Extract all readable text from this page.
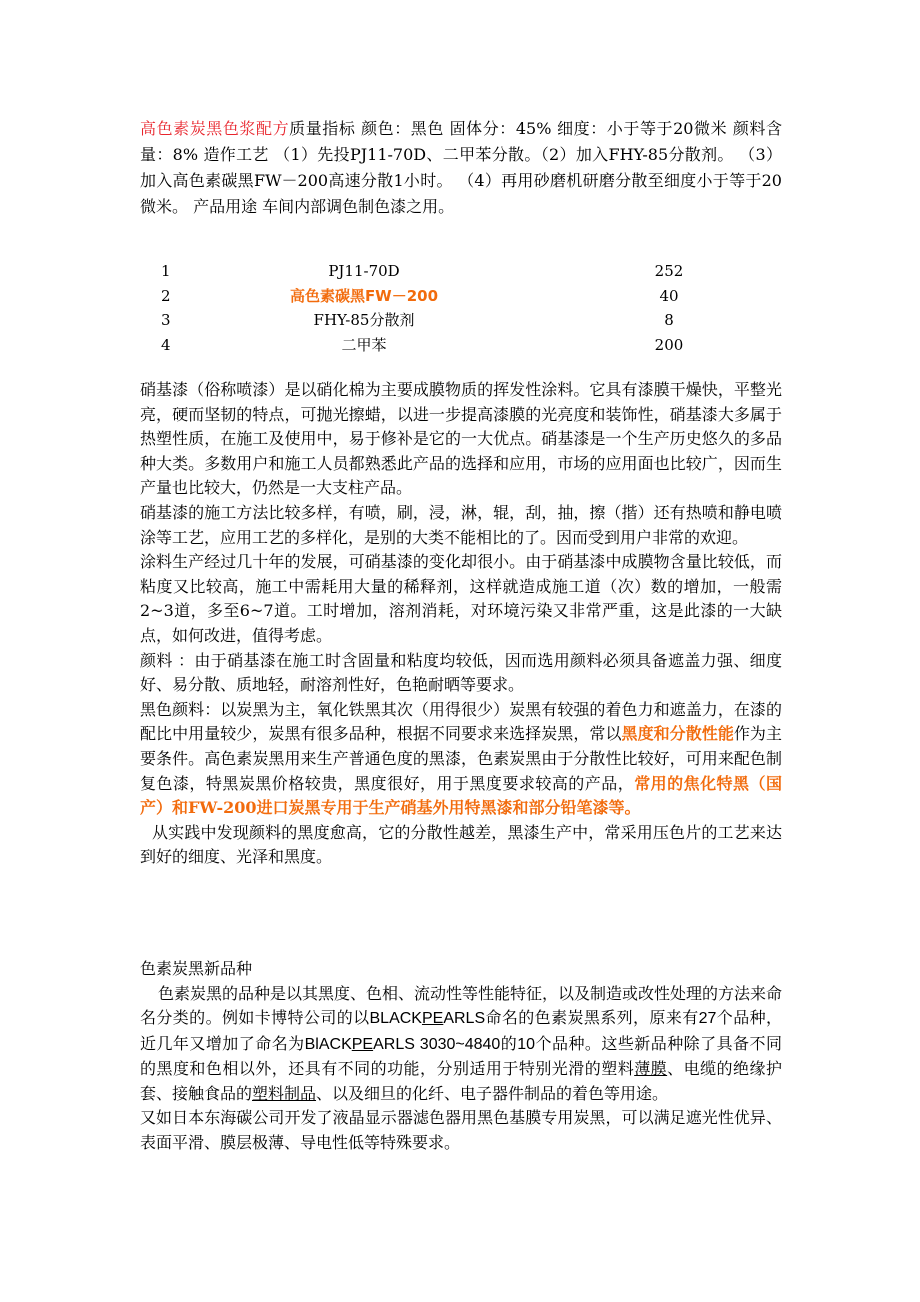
高色素炭黑色浆配方质量指标 颜色：黑色 固体分：45% 细度：小于等于20微米 颜料含量：8% 造作工艺 （1）先投PJ11-70D、二甲苯分散。（2）加入FHY-85分散剂。 （3）加入高色素碳黑FW－200高速分散1小时。 （4）再用砂磨机研磨分散至细度小于等于20微米。 产品用途 车间内部调色制色漆之用。

1	PJ11-70D	252
2	高色素碳黑FW－200	40
3	FHY-85分散剂	8
4	二甲苯	200

硝基漆（俗称喷漆）是以硝化棉为主要成膜物质的挥发性涂料。它具有漆膜干燥快，平整光亮，硬而坚韧的特点，可抛光擦蜡，以进一步提高漆膜的光亮度和装饰性，硝基漆大多属于热塑性质，在施工及使用中，易于修补是它的一大优点。硝基漆是一个生产历史悠久的多品种大类。多数用户和施工人员都熟悉此产品的选择和应用，市场的应用面也比较广，因而生产量也比较大，仍然是一大支柱产品。

硝基漆的施工方法比较多样，有喷，刷，浸，淋，辊，刮，抽，擦（揩）还有热喷和静电喷涂等工艺，应用工艺的多样化，是别的大类不能相比的了。因而受到用户非常的欢迎。

涂料生产经过几十年的发展，可硝基漆的变化却很小。由于硝基漆中成膜物含量比较低，而粘度又比较高，施工中需耗用大量的稀释剂，这样就造成施工道（次）数的增加，一般需2~3道，多至6~7道。工时增加，溶剂消耗，对环境污染又非常严重，这是此漆的一大缺点，如何改进，值得考虑。

颜料 ：由于硝基漆在施工时含固量和粘度均较低，因而选用颜料必须具备遮盖力强、细度好、易分散、质地轻，耐溶剂性好，色艳耐晒等要求。

黑色颜料：以炭黑为主，氧化铁黑其次（用得很少）炭黑有较强的着色力和遮盖力，在漆的配比中用量较少，炭黑有很多品种，根据不同要求来选择炭黑，常以黑度和分散性能作为主要条件。高色素炭黑用来生产普通色度的黑漆，色素炭黑由于分散性比较好，可用来配色制复色漆，特黑炭黑价格较贵，黑度很好，用于黑度要求较高的产品，常用的焦化特黑（国产）和FW-200进口炭黑专用于生产硝基外用特黑漆和部分铅笔漆等。

从实践中发现颜料的黑度愈高，它的分散性越差，黑漆生产中，常采用压色片的工艺来达到好的细度、光泽和黑度。

色素炭黑新品种

色素炭黑的品种是以其黑度、色相、流动性等性能特征，以及制造或改性处理的方法来命名分类的。例如卡博特公司的以BLACKPEARLS命名的色素炭黑系列，原来有27个品种，近几年又增加了命名为BlACKPEARLS 3030~4840的10个品种。这些新品种除了具备不同的黑度和色相以外，还具有不同的功能，分别适用于特别光滑的塑料薄膜、电缆的绝缘护套、接触食品的塑料制品、以及细旦的化纤、电子器件制品的着色等用途。

又如日本东海碳公司开发了液晶显示器滤色器用黑色基膜专用炭黑，可以满足遮光性优异、表面平滑、膜层极薄、导电性低等特殊要求。
